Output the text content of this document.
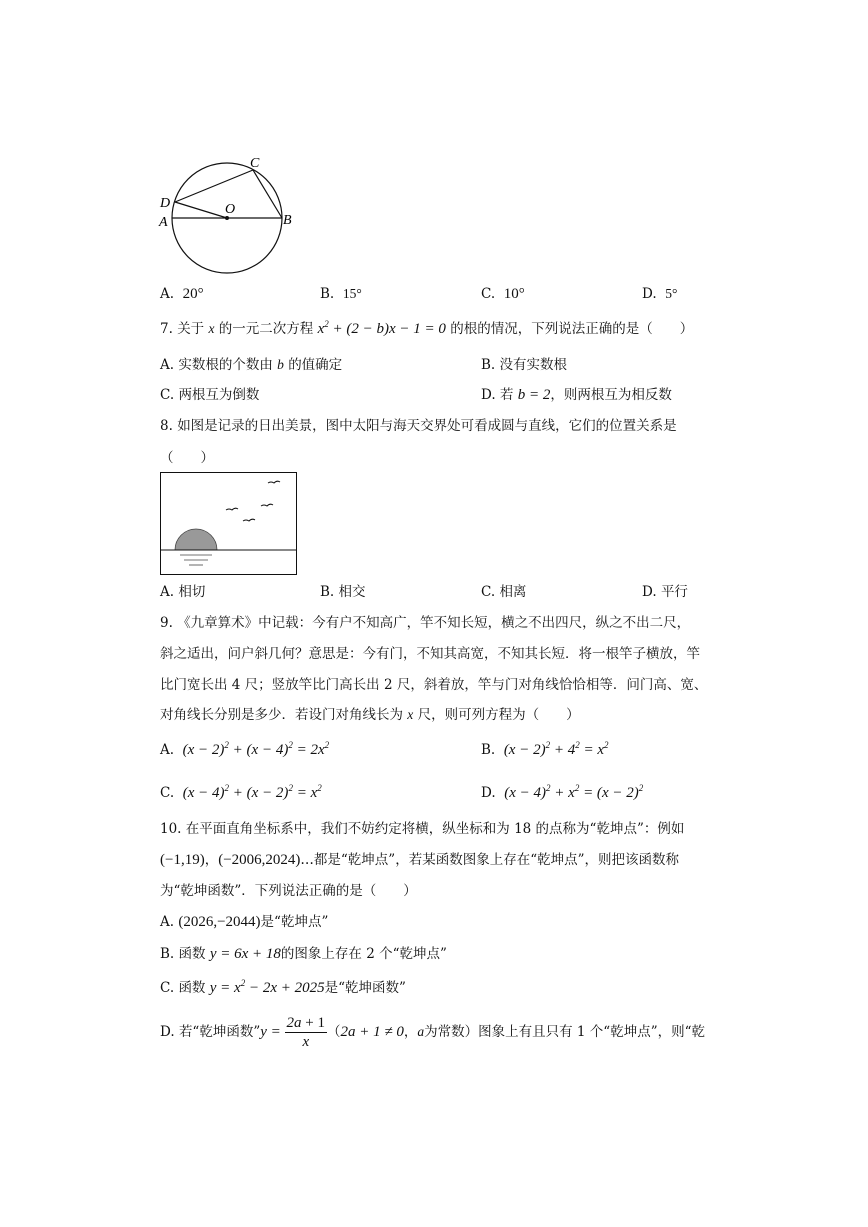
C
D	O
A	B
A. 20°	B. 15°	C. 10°	D. 5°
7. 关于 x 的一元二次方程 $x^2 + (2 - b)x - 1 = 0$ 的根的情况，下列说法正确的是（　　）
A. 实数根的个数由 b 的值确定	B. 没有实数根
C. 两根互为倒数	D. 若 b = 2，则两根互为相反数
8. 如图是记录的日出美景，图中太阳与海天交界处可看成圆与直线，它们的位置关系是
（　　）
A. 相切	B. 相交	C. 相离	D. 平行
9. 《九章算术》中记载：今有户不知高广，竿不知长短，横之不出四尺，纵之不出二尺，
斜之适出，问户斜几何？意思是：今有门，不知其高宽，不知其长短．将一根竿子横放，竿
比门宽长出 4 尺；竖放竿比门高长出 2 尺，斜着放，竿与门对角线恰恰相等．问门高、宽、
对角线长分别是多少．若设门对角线长为 x 尺，则可列方程为（　　）
A. $(x - 2)^2 + (x - 4)^2 = 2x^2$	B. $(x - 2)^2 + 4^2 = x^2$
C. $(x - 4)^2 + (x - 2)^2 = x^2$	D. $(x - 4)^2 + x^2 = (x - 2)^2$
10. 在平面直角坐标系中，我们不妨约定将横，纵坐标和为 18 的点称为“乾坤点”：例如
(−1,19)，(−2006,2024)…都是“乾坤点”，若某函数图象上存在“乾坤点”，则把该函数称
为“乾坤函数”．下列说法正确的是（　　）
A. (2026,−2044)是“乾坤点”
B. 函数 y = 6x + 18的图象上存在 2 个“乾坤点”
C. 函数 $y = x^2 - 2x + 2025$是“乾坤函数”
D.
若“乾坤函数” $y = \frac{2a + 1}{x}$ （ 2a + 1 ≠ 0 ， a 为常数）图象上有且只有 1 个“乾坤点”，则“乾
